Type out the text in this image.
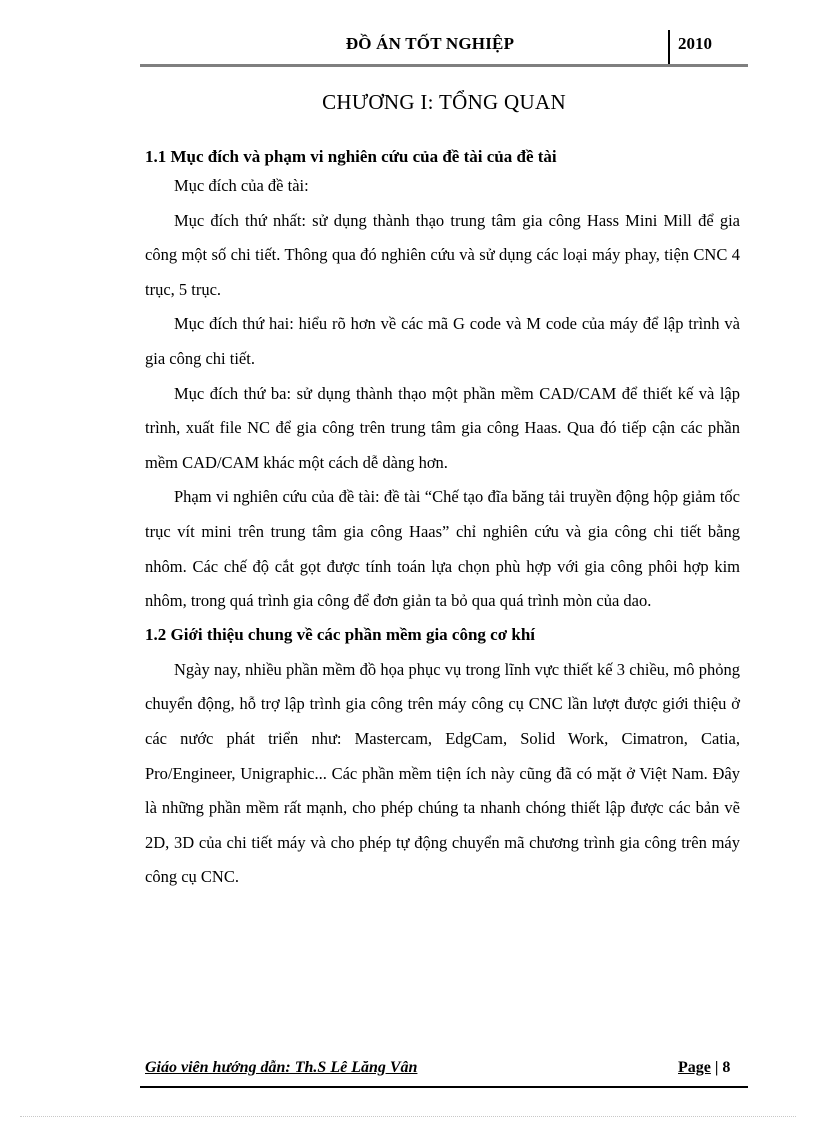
ĐỒ ÁN TỐT NGHIỆP	2010
CHƯƠNG I: TỔNG QUAN

1.1 Mục đích và phạm vi nghiên cứu của đề tài của đề tài

Mục đích của đề tài:

Mục đích thứ nhất: sử dụng thành thạo trung tâm gia công Hass Mini Mill để gia công một số chi tiết. Thông qua đó nghiên cứu và sử dụng các loại máy phay, tiện CNC 4 trục, 5 trục.

Mục đích thứ hai: hiểu rõ hơn về các mã G code và M code của máy để lập trình và gia công chi tiết.

Mục đích thứ ba: sử dụng thành thạo một phần mềm CAD/CAM để thiết kế và lập trình, xuất file NC để gia công trên trung tâm gia công Haas. Qua đó tiếp cận các phần mềm CAD/CAM khác một cách dễ dàng hơn.

Phạm vi nghiên cứu của đề tài: đề tài “Chế tạo đĩa băng tải truyền động hộp giảm tốc trục vít mini trên trung tâm gia công Haas” chỉ nghiên cứu và gia công chi tiết bằng nhôm. Các chế độ cắt gọt được tính toán lựa chọn phù hợp với gia công phôi hợp kim nhôm, trong quá trình gia công để đơn giản ta bỏ qua quá trình mòn của dao.

1.2 Giới thiệu chung về các phần mềm gia công cơ khí

Ngày nay, nhiều phần mềm đồ họa phục vụ trong lĩnh vực thiết kế 3 chiều, mô phỏng chuyển động, hỗ trợ lập trình gia công trên máy công cụ CNC lần lượt được giới thiệu ở các nước phát triển như: Mastercam, EdgCam, Solid Work, Cimatron, Catia, Pro/Engineer, Unigraphic... Các phần mềm tiện ích này cũng đã có mặt ở Việt Nam. Đây là những phần mềm rất mạnh, cho phép chúng ta nhanh chóng thiết lập được các bản vẽ 2D, 3D của chi tiết máy và cho phép tự động chuyển mã chương trình gia công trên máy công cụ CNC.

Giáo viên hướng dẫn: Th.S Lê Lăng Vân	Page | 8
